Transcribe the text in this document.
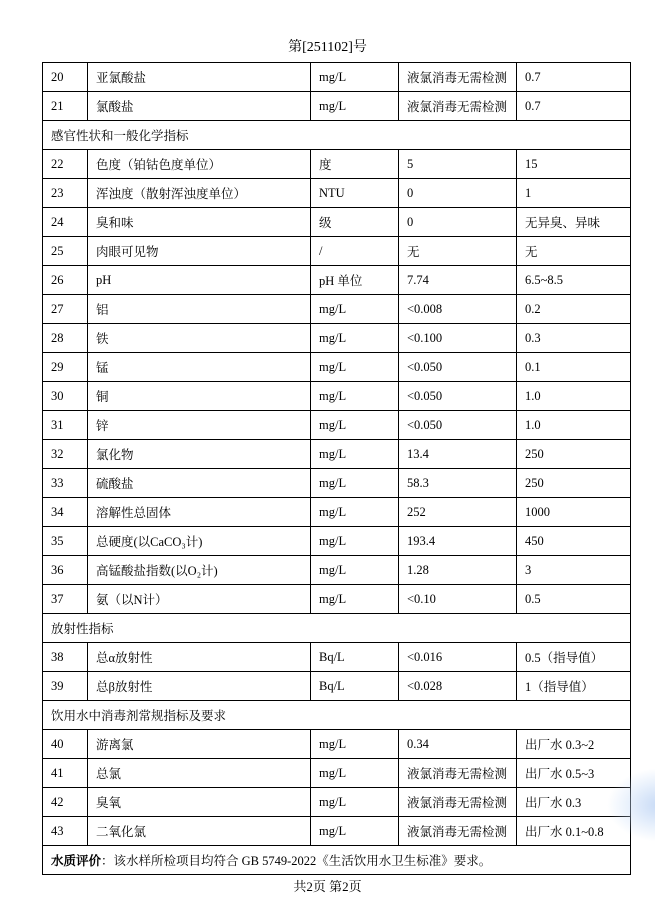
第[251102]号
20	亚氯酸盐	mg/L	液氯消毒无需检测	0.7
21	氯酸盐	mg/L	液氯消毒无需检测	0.7
感官性状和一般化学指标				
22	色度（铂钴色度单位）	度	5	15
23	浑浊度（散射浑浊度单位）	NTU	0	1
24	臭和味	级	0	无异臭、异味
25	肉眼可见物	/	无	无
26	pH	pH 单位	7.74	6.5~8.5
27	铝	mg/L	<0.008	0.2
28	铁	mg/L	<0.100	0.3
29	锰	mg/L	<0.050	0.1
30	铜	mg/L	<0.050	1.0
31	锌	mg/L	<0.050	1.0
32	氯化物	mg/L	13.4	250
33	硫酸盐	mg/L	58.3	250
34	溶解性总固体	mg/L	252	1000
35	总硬度(以CaCO₃计)	mg/L	193.4	450
36	高锰酸盐指数(以O₂计)	mg/L	1.28	3
37	氨（以N计）	mg/L	<0.10	0.5
放射性指标				
38	总α放射性	Bq/L	<0.016	0.5（指导值）
39	总β放射性	Bq/L	<0.028	1（指导值）
饮用水中消毒剂常规指标及要求				
40	游离氯	mg/L	0.34	出厂水 0.3~2
41	总氯	mg/L	液氯消毒无需检测	出厂水 0.5~3
42	臭氧	mg/L	液氯消毒无需检测	出厂水 0.3
43	二氧化氯	mg/L	液氯消毒无需检测	出厂水 0.1~0.8
水质评价：该水样所检项目均符合 GB 5749-2022《生活饮用水卫生标准》要求。				
共2页 第2页
